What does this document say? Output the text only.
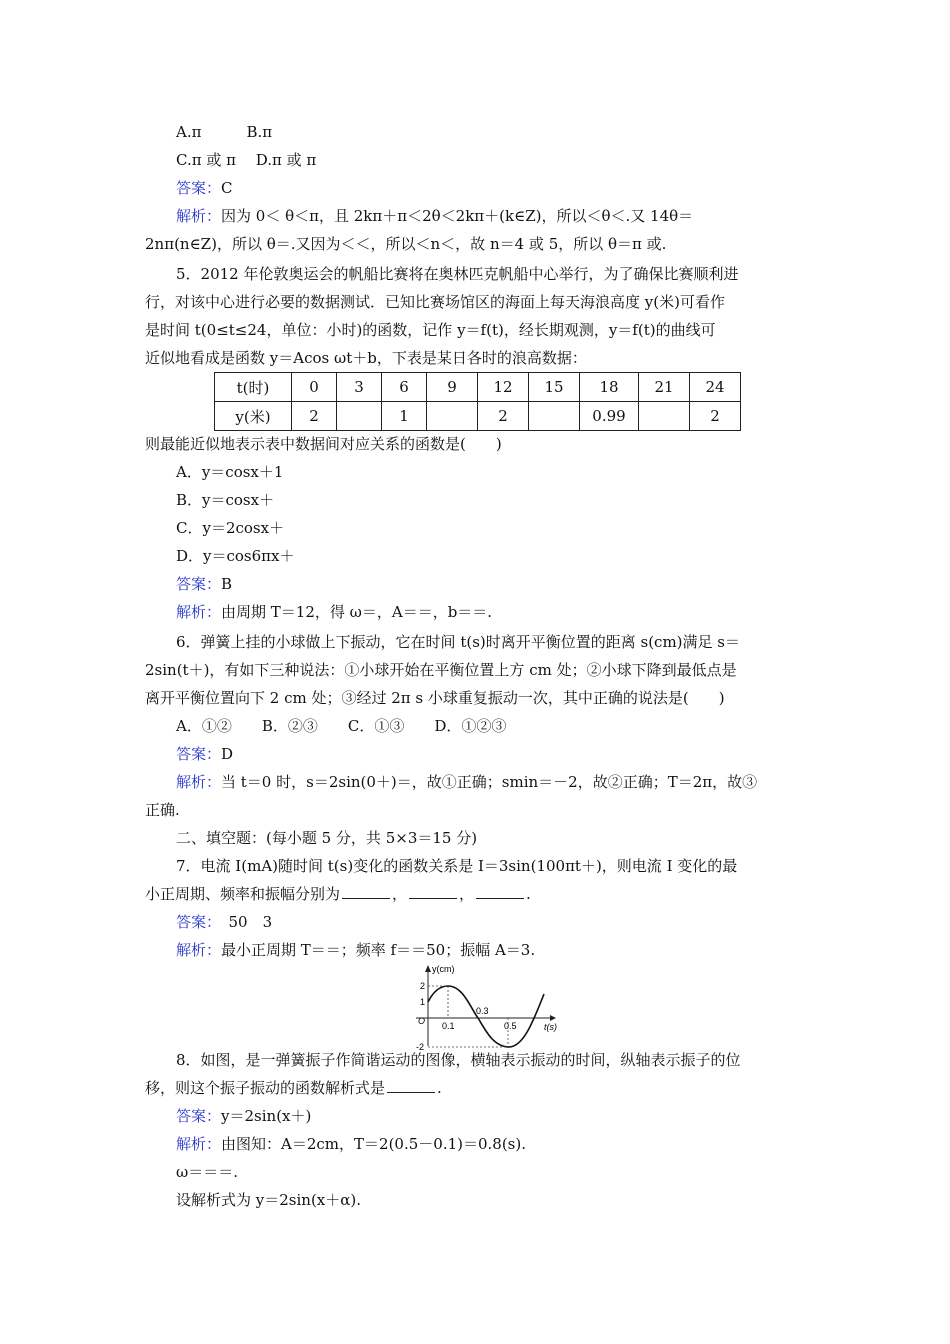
A.π　　　B.π
C.π 或 π　 D.π 或 π
答案：C
解析：因为 0＜ θ＜π，且 2kπ＋π＜2θ＜2kπ＋(k∈Z)，所以＜θ＜.又 14θ＝
2nπ(n∈Z)，所以 θ＝.又因为＜＜，所以＜n＜，故 n＝4 或 5，所以 θ＝π 或.
5．2012 年伦敦奥运会的帆船比赛将在奥林匹克帆船中心举行，为了确保比赛顺利进
行，对该中心进行必要的数据测试．已知比赛场馆区的海面上每天海浪高度 y(米)可看作
是时间 t(0≤t≤24，单位：小时)的函数，记作 y＝f(t)，经长期观测，y＝f(t)的曲线可
近似地看成是函数 y＝Acos ωt＋b，下表是某日各时的浪高数据：
t(时)	0	3	6	9	12	15	18	21	24
y(米)	2		1		2		0.99		2
则最能近似地表示表中数据间对应关系的函数是(　　)
A．y＝cosx＋1
B．y＝cosx＋
C．y＝2cosx＋
D．y＝cos6πx＋
答案：B
解析：由周期 T＝12，得 ω＝，A＝＝，b＝＝.
6．弹簧上挂的小球做上下振动，它在时间 t(s)时离开平衡位置的距离 s(cm)满足 s＝
2sin(t＋)，有如下三种说法：①小球开始在平衡位置上方 cm 处；②小球下降到最低点是
离开平衡位置向下 2 cm 处；③经过 2π s 小球重复振动一次，其中正确的说法是(　　)
A．①②　　B．②③　　C．①③　　D．①②③
答案：D
解析：当 t＝0 时，s＝2sin(0＋)＝，故①正确；smin＝－2，故②正确；T＝2π，故③
正确.
二、填空题：(每小题 5 分，共 5×3＝15 分)
7．电流 I(mA)随时间 t(s)变化的函数关系是 I＝3sin(100πt＋)，则电流 I 变化的最
小正周期、频率和振幅分别为	，	，	.
答案：　50　3
解析：最小正周期 T＝＝；频率 f＝＝50；振幅 A＝3.
y(cm)
2
1
O 0.1
0.3
0.5
-2
t(s)
8．如图，是一弹簧振子作简谐运动的图像，横轴表示振动的时间，纵轴表示振子的位
移，则这个振子振动的函数解析式是	.
答案：y＝2sin(x＋)
解析：由图知：A＝2cm，T＝2(0.5－0.1)＝0.8(s).
ω＝＝＝.
设解析式为 y＝2sin(x＋α).
